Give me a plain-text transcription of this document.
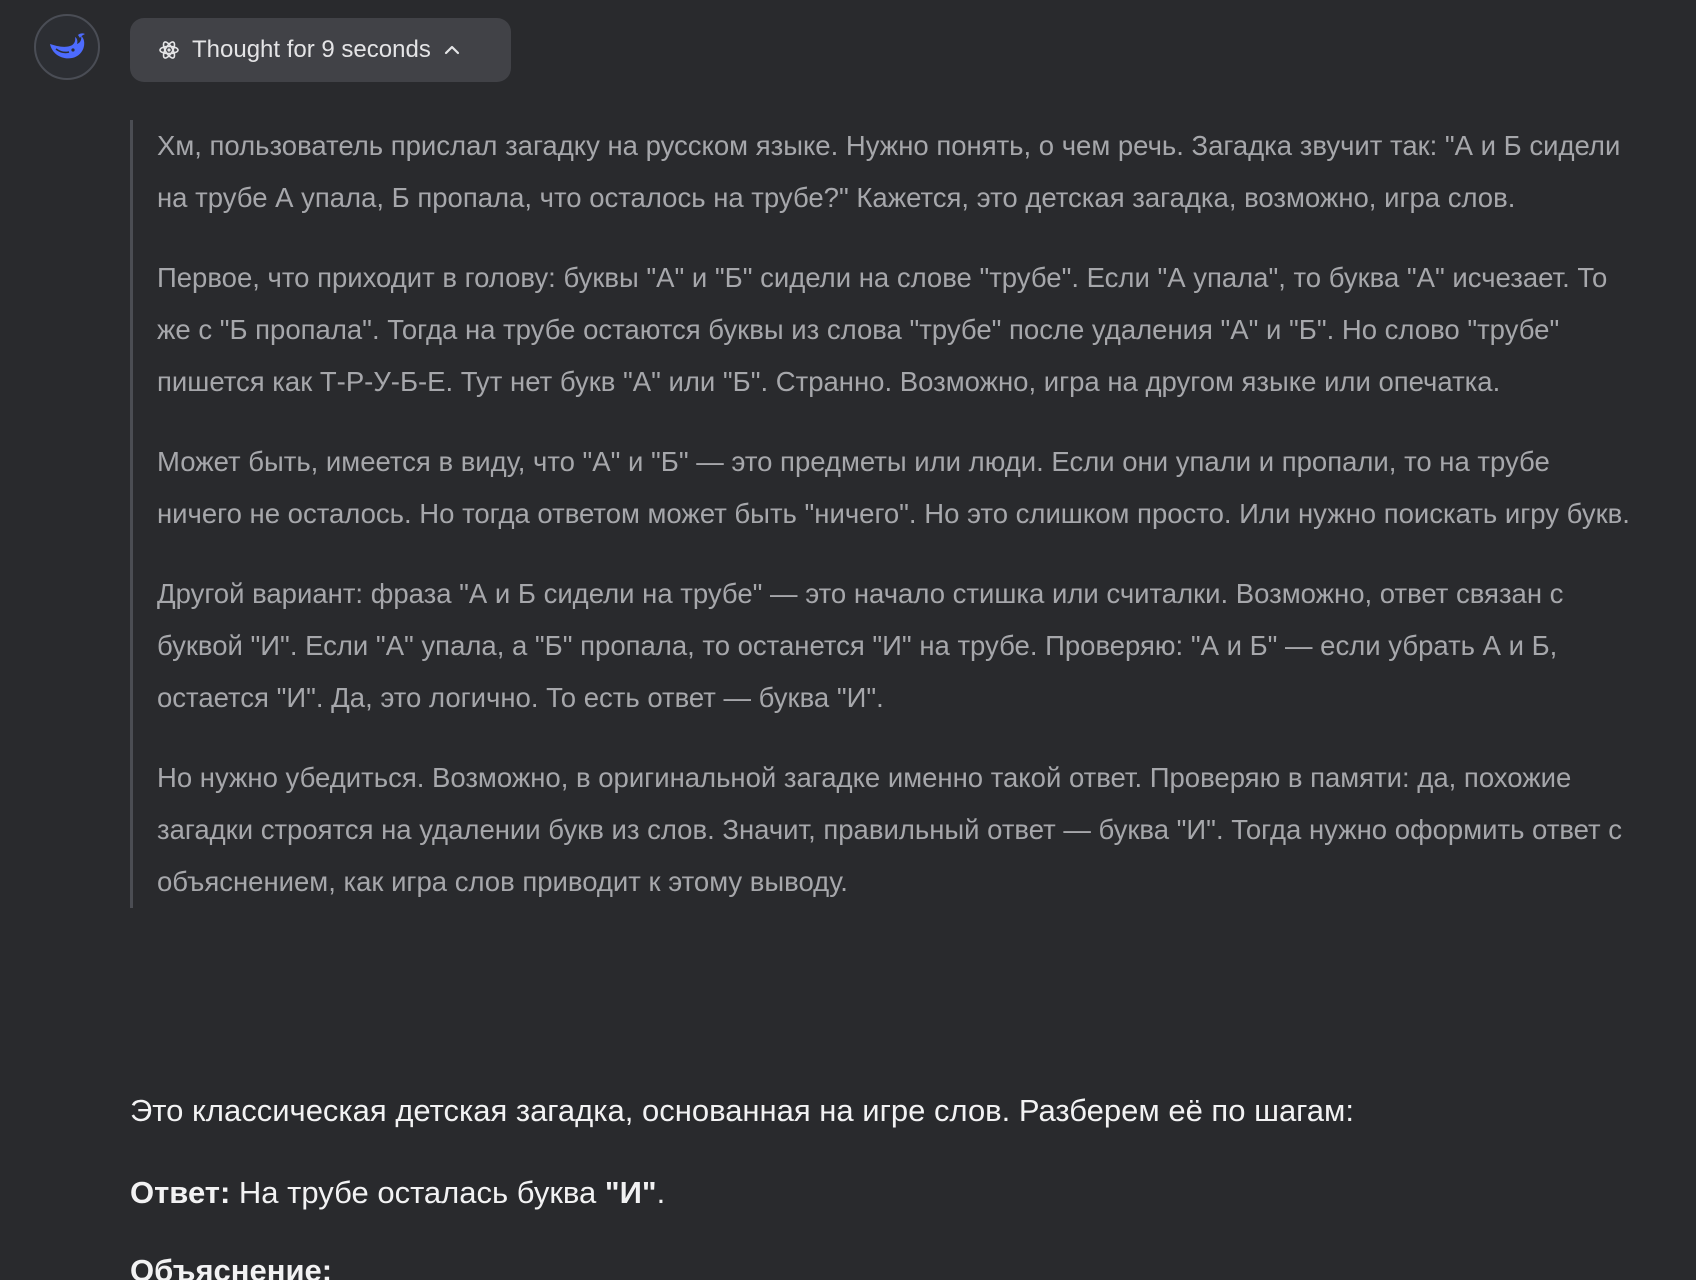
Thought for 9 seconds

Хм, пользователь прислал загадку на русском языке. Нужно понять, о чем речь. Загадка звучит так: "А и Б сидели на трубе А упала, Б пропала, что осталось на трубе?" Кажется, это детская загадка, возможно, игра слов.

Первое, что приходит в голову: буквы "А" и "Б" сидели на слове "трубе". Если "А упала", то буква "А" исчезает. То же с "Б пропала". Тогда на трубе остаются буквы из слова "трубе" после удаления "А" и "Б". Но слово "трубе" пишется как Т-Р-У-Б-Е. Тут нет букв "А" или "Б". Странно. Возможно, игра на другом языке или опечатка.

Может быть, имеется в виду, что "А" и "Б" — это предметы или люди. Если они упали и пропали, то на трубе ничего не осталось. Но тогда ответом может быть "ничего". Но это слишком просто. Или нужно поискать игру букв.

Другой вариант: фраза "А и Б сидели на трубе" — это начало стишка или считалки. Возможно, ответ связан с буквой "И". Если "А" упала, а "Б" пропала, то останется "И" на трубе. Проверяю: "А и Б" — если убрать А и Б, остается "И". Да, это логично. То есть ответ — буква "И".

Но нужно убедиться. Возможно, в оригинальной загадке именно такой ответ. Проверяю в памяти: да, похожие загадки строятся на удалении букв из слов. Значит, правильный ответ — буква "И". Тогда нужно оформить ответ с объяснением, как игра слов приводит к этому выводу.

Это классическая детская загадка, основанная на игре слов. Разберем её по шагам:

Ответ: На трубе осталась буква "И".

Объяснение:
